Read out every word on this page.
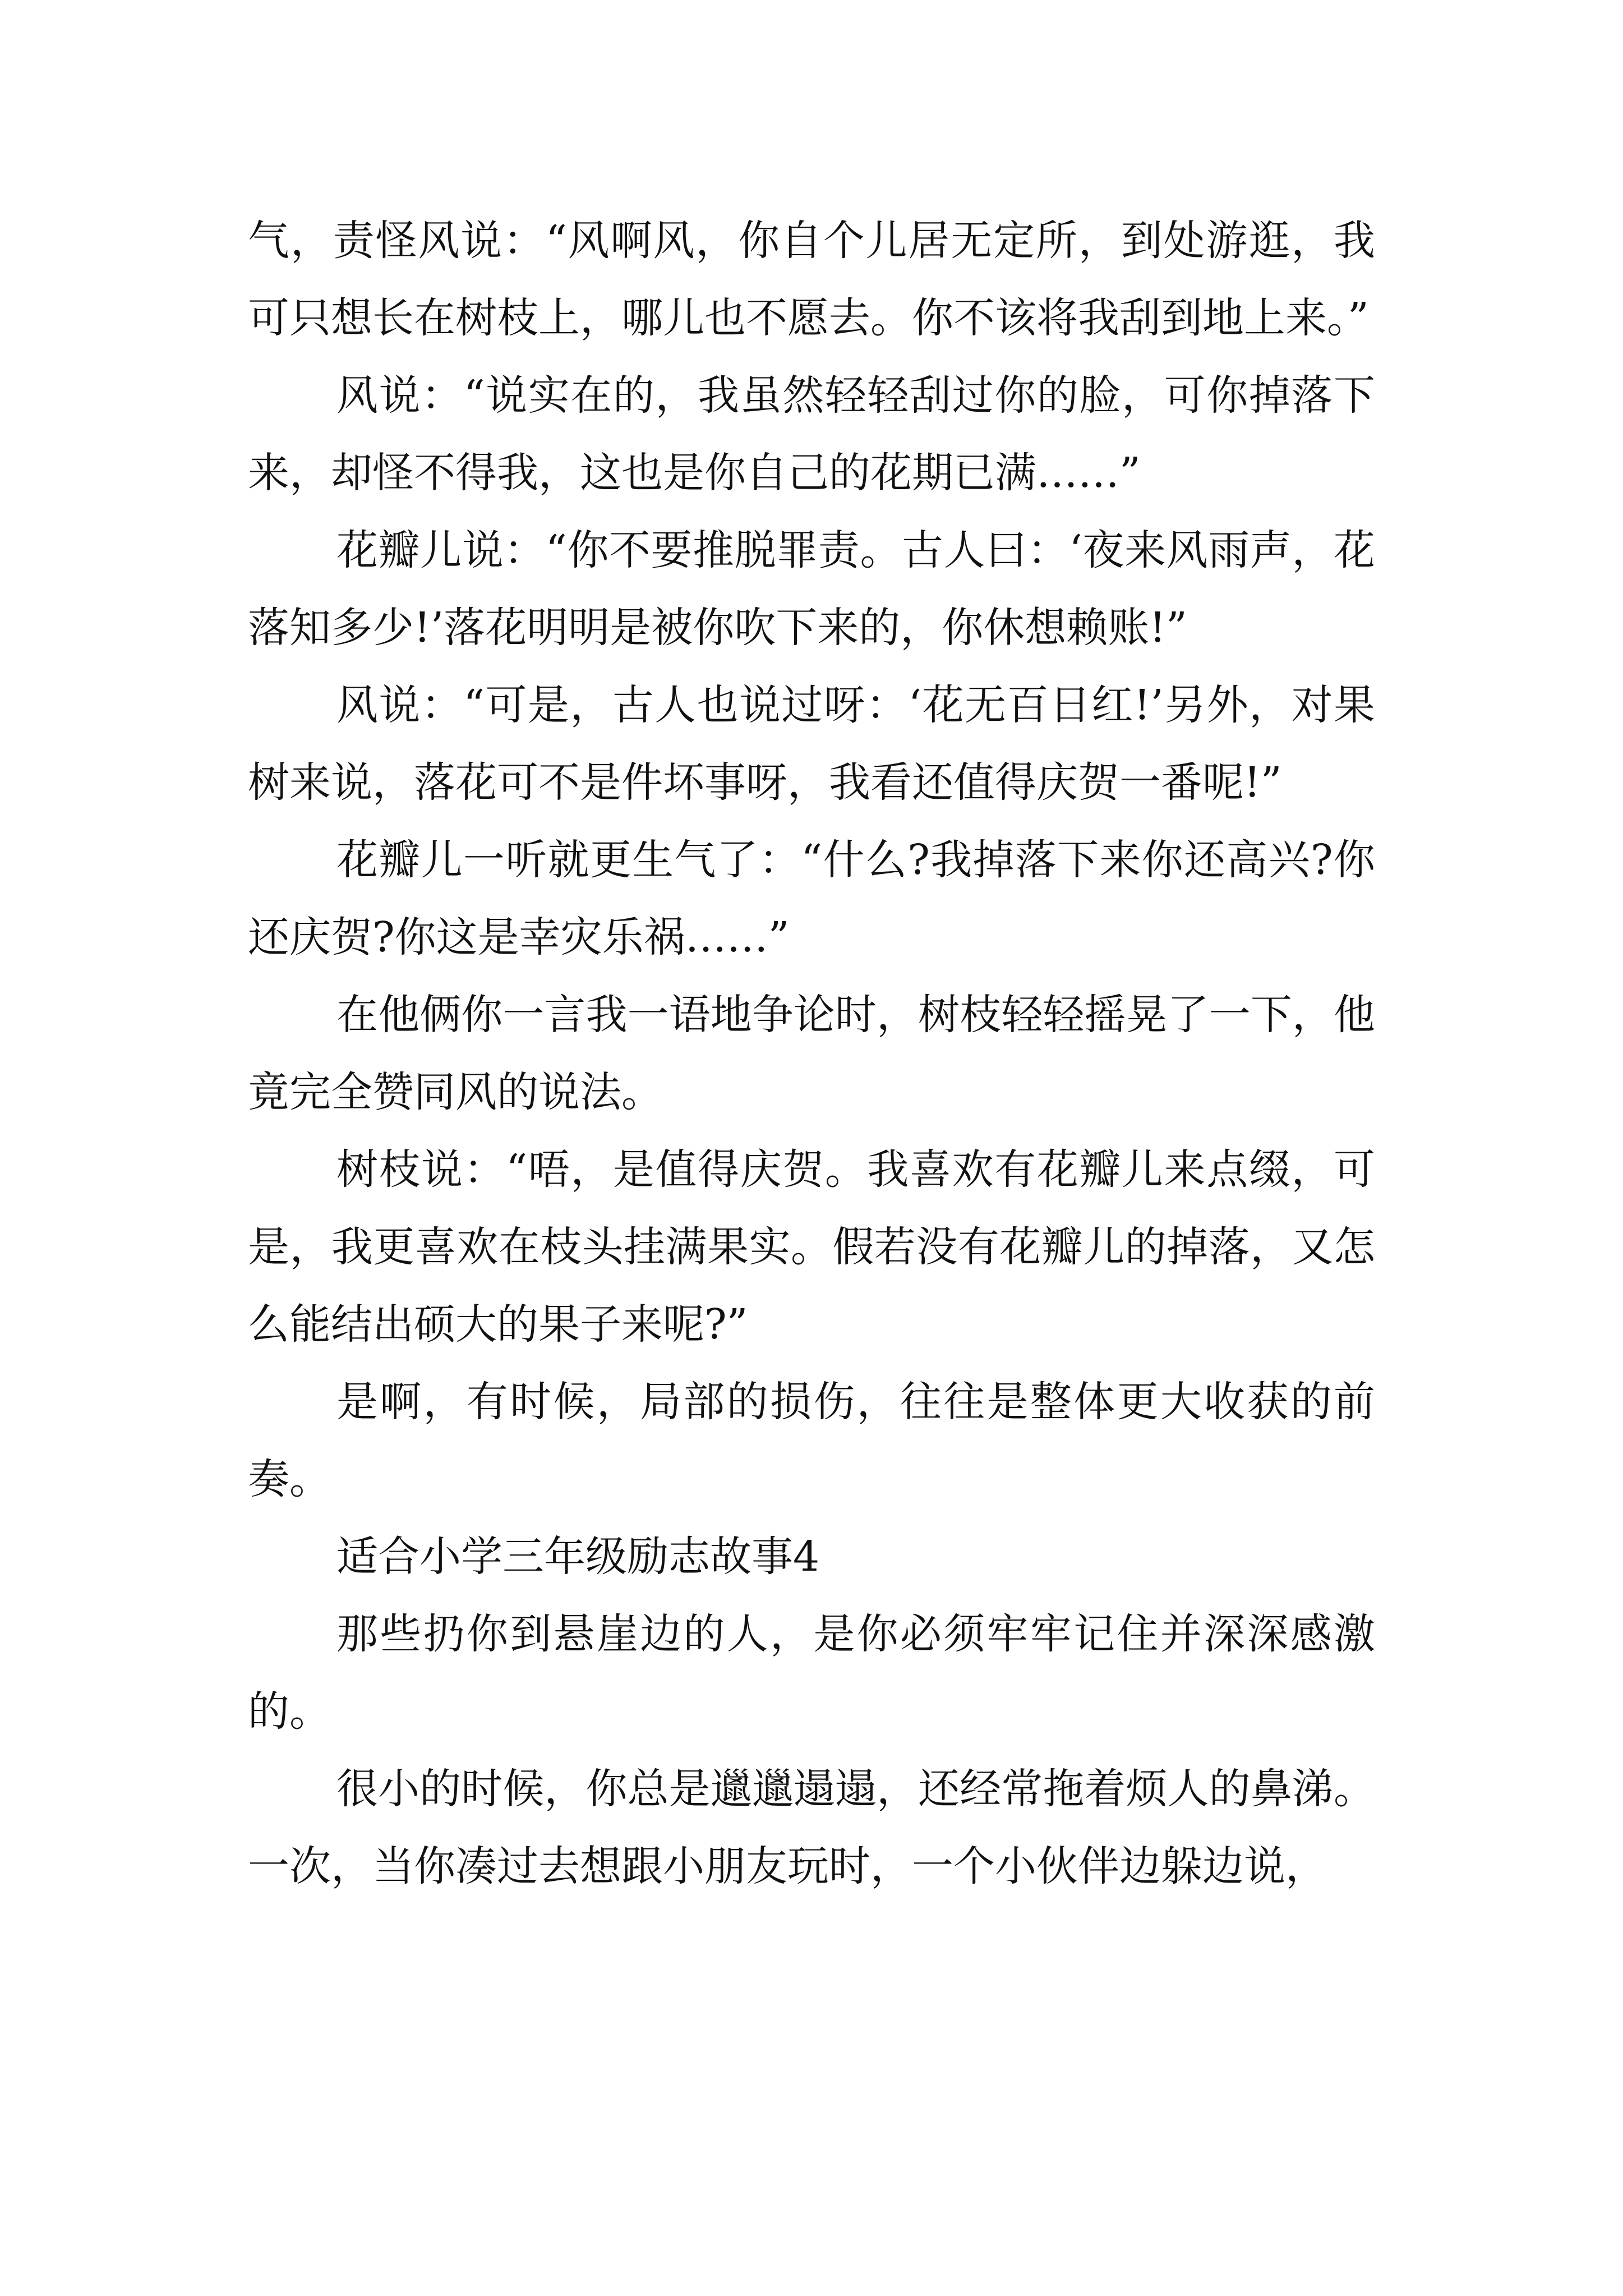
气，责怪风说：“风啊风，你自个儿居无定所，到处游逛，我可只想长在树枝上，哪儿也不愿去。你不该将我刮到地上来。”

风说：“说实在的，我虽然轻轻刮过你的脸，可你掉落下来，却怪不得我，这也是你自己的花期已满……”

花瓣儿说：“你不要推脱罪责。古人曰：‘夜来风雨声，花落知多少!’落花明明是被你吹下来的，你休想赖账!”

风说：“可是，古人也说过呀：‘花无百日红!’另外，对果树来说，落花可不是件坏事呀，我看还值得庆贺一番呢!”

花瓣儿一听就更生气了：“什么?我掉落下来你还高兴?你还庆贺?你这是幸灾乐祸……”

在他俩你一言我一语地争论时，树枝轻轻摇晃了一下，他竟完全赞同风的说法。

树枝说：“唔，是值得庆贺。我喜欢有花瓣儿来点缀，可是，我更喜欢在枝头挂满果实。假若没有花瓣儿的掉落，又怎么能结出硕大的果子来呢?”

是啊，有时候，局部的损伤，往往是整体更大收获的前奏。

适合小学三年级励志故事4

那些扔你到悬崖边的人，是你必须牢牢记住并深深感激的。

很小的时候，你总是邋邋遢遢，还经常拖着烦人的鼻涕。一次，当你凑过去想跟小朋友玩时，一个小伙伴边躲边说，
